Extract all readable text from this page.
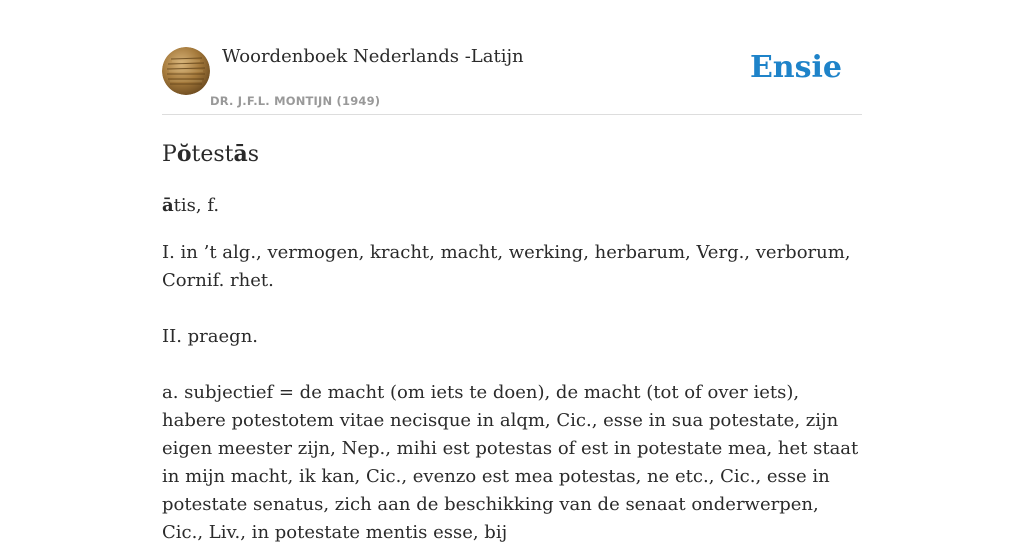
Woordenboek Nederlands -Latijn
DR. J.F.L. MONTIJN (1949)
Ensie
Pŏtestās

ātis, f.

I. in ’t alg., vermogen, kracht, macht, werking, herbarum, Verg., verborum, Cornif. rhet.

II. praegn.

a. subjectief = de macht (om iets te doen), de macht (tot of over iets), habere potestotem vitae necisque in alqm, Cic., esse in sua potestate, zijn eigen meester zijn, Nep., mihi est potestas of est in potestate mea, het staat in mijn macht, ik kan, Cic., evenzo est mea potestas, ne etc., Cic., esse in potestate senatus, zich aan de beschikking van de senaat onderwerpen, Cic., Liv., in potestate mentis esse, bij
